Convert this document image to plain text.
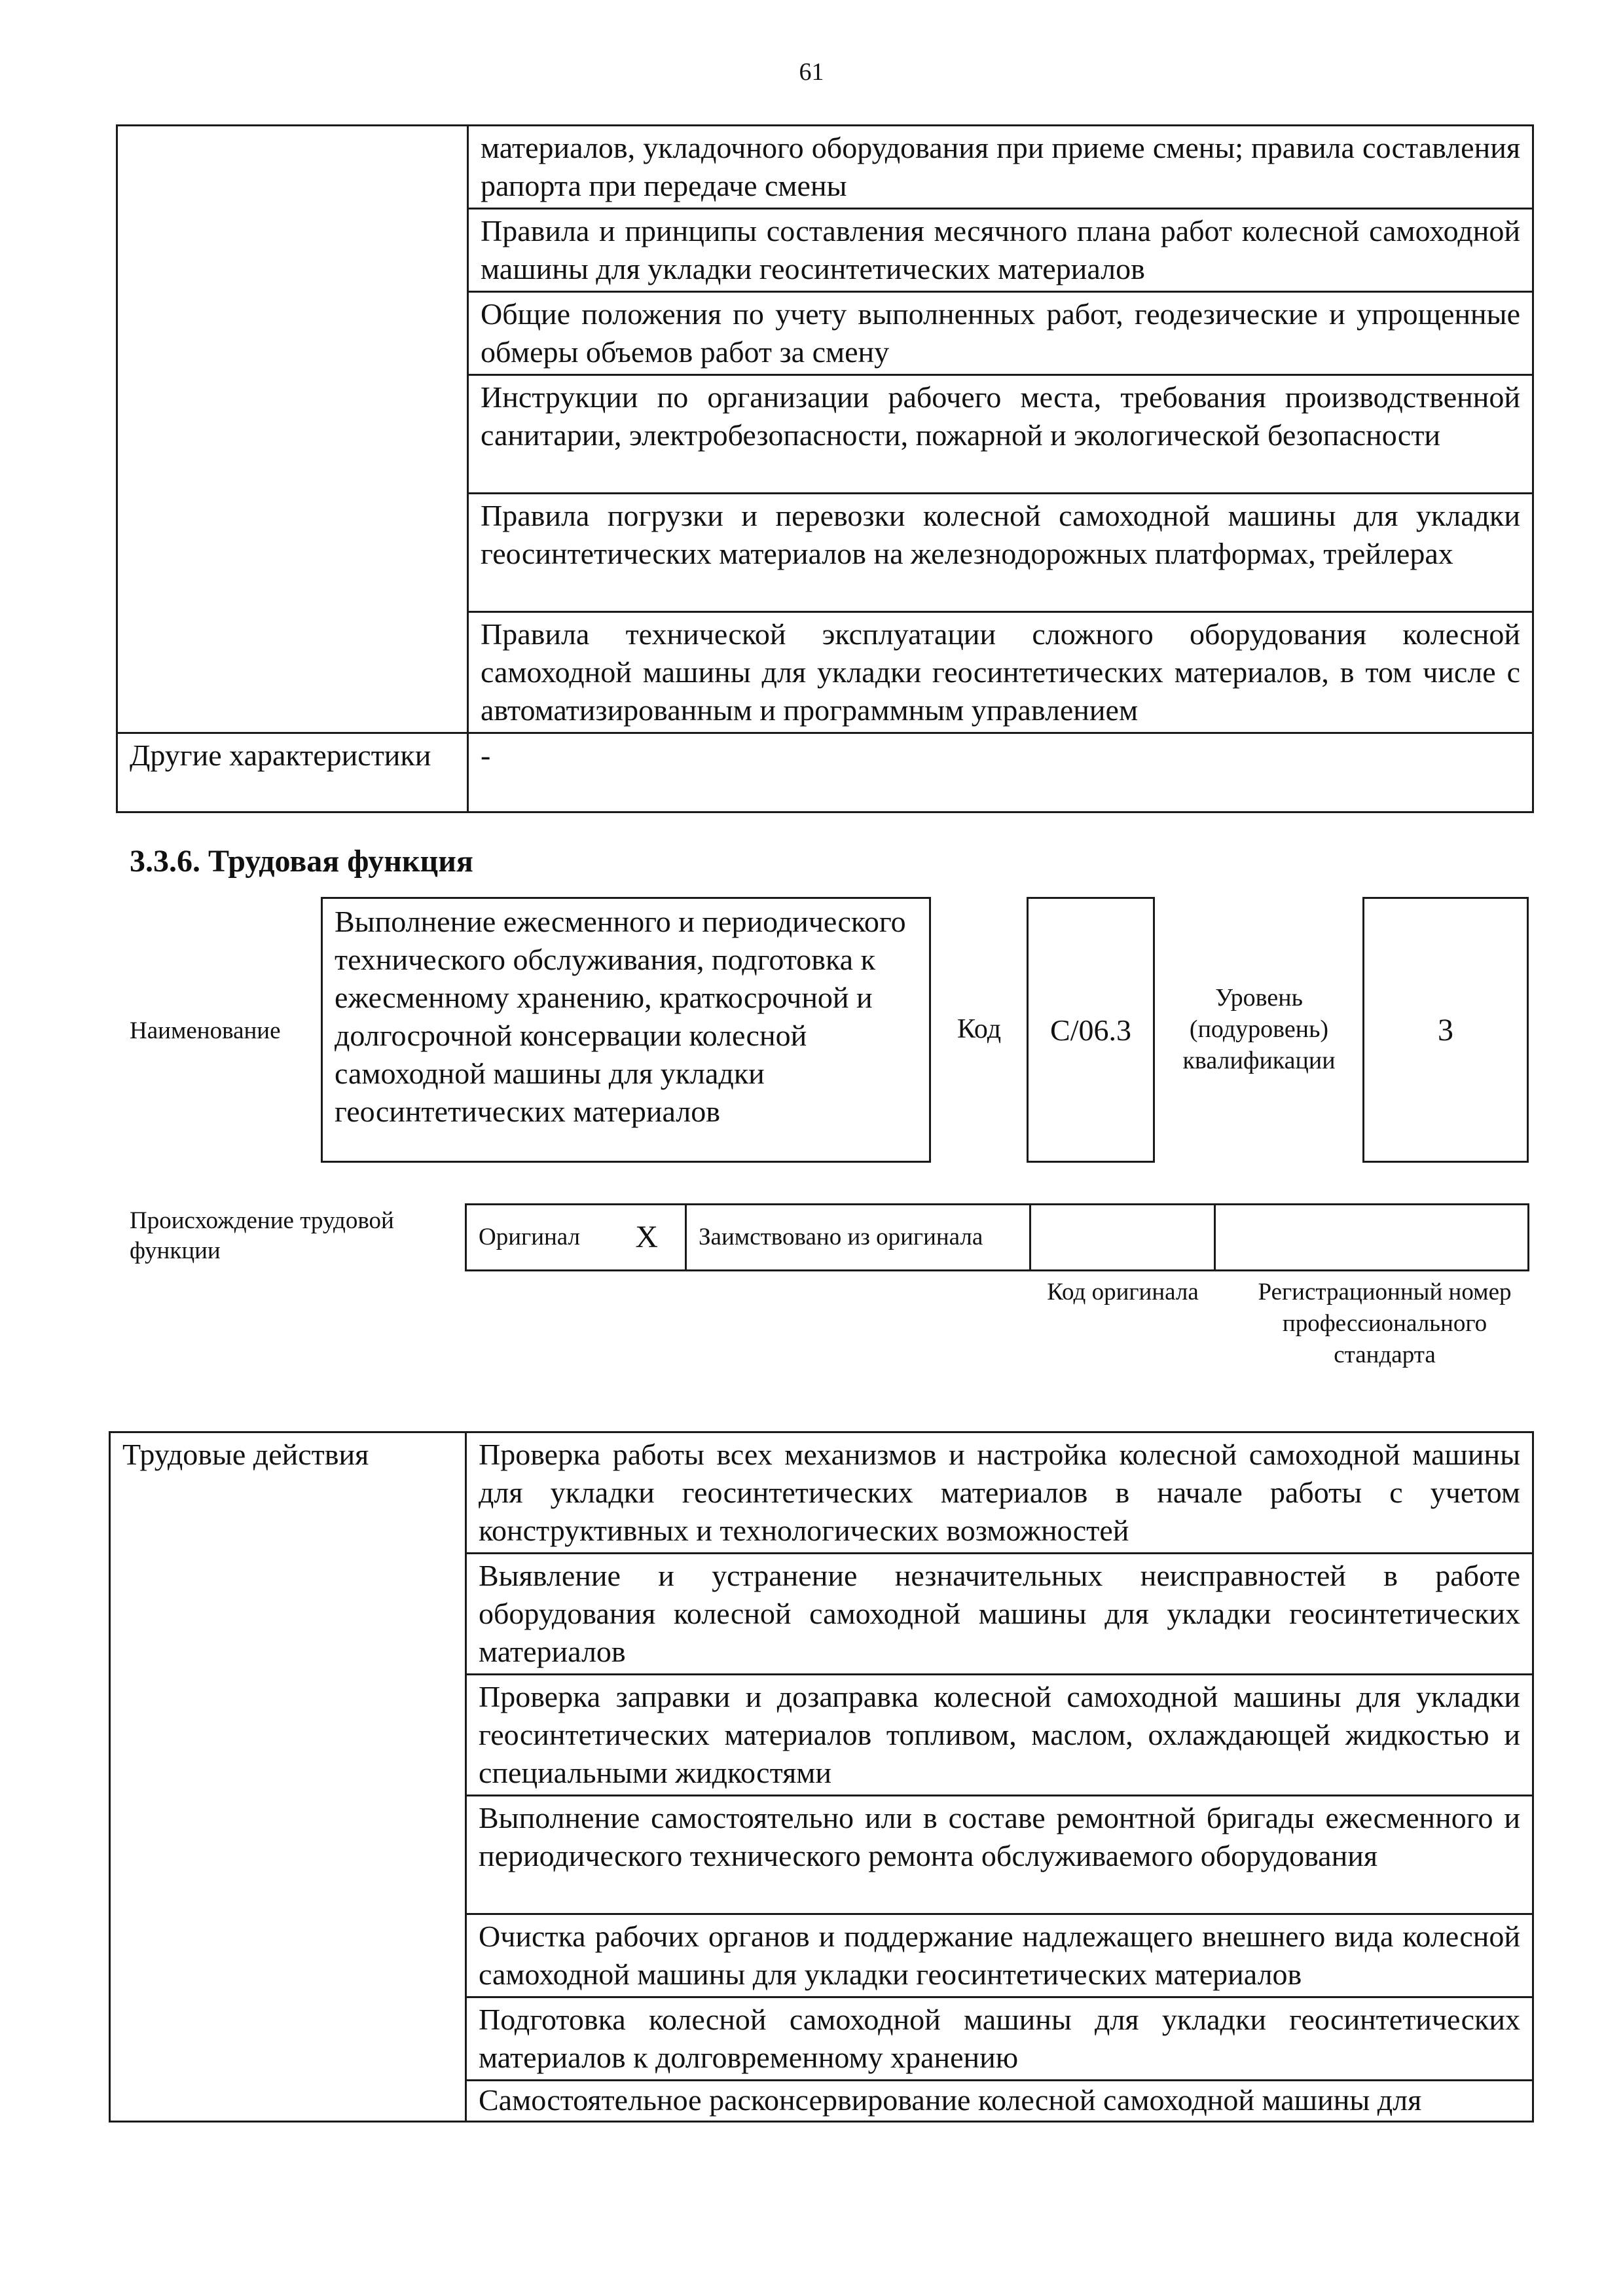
61
	материалов, укладочного оборудования при приеме смены; правила составления рапорта при передаче смены
	Правила и принципы составления месячного плана работ колесной самоходной машины для укладки геосинтетических материалов
	Общие положения по учету выполненных работ, геодезические и упрощенные обмеры объемов работ за смену
	Инструкции по организации рабочего места, требования производственной санитарии, электробезопасности, пожарной и экологической безопасности
	Правила погрузки и перевозки колесной самоходной машины для укладки геосинтетических материалов на железнодорожных платформах, трейлерах
	Правила технической эксплуатации сложного оборудования колесной самоходной машины для укладки геосинтетических материалов, в том числе с автоматизированным и программным управлением
Другие характеристики	-
3.3.6. Трудовая функция
Наименование
Выполнение ежесменного и периодического технического обслуживания, подготовка к ежесменному хранению, краткосрочной и долгосрочной консервации колесной самоходной машины для укладки геосинтетических материалов
Код C/06.3
Уровень (подуровень) квалификации
3
Происхождение трудовой функции
Оригинал	X	Заимствовано из оригинала		
Код оригинала	Регистрационный номер профессионального стандарта
Трудовые действия	Проверка работы всех механизмов и настройка колесной самоходной машины для укладки геосинтетических материалов в начале работы с учетом конструктивных и технологических возможностей
Выявление и устранение незначительных неисправностей в работе оборудования колесной самоходной машины для укладки геосинтетических материалов
Проверка заправки и дозаправка колесной самоходной машины для укладки геосинтетических материалов топливом, маслом, охлаждающей жидкостью и специальными жидкостями
Выполнение самостоятельно или в составе ремонтной бригады ежесменного и периодического технического ремонта обслуживаемого оборудования
Очистка рабочих органов и поддержание надлежащего внешнего вида колесной самоходной машины для укладки геосинтетических материалов
Подготовка колесной самоходной машины для укладки геосинтетических материалов к долговременному хранению
Самостоятельное расконсервирование колесной самоходной машины для
